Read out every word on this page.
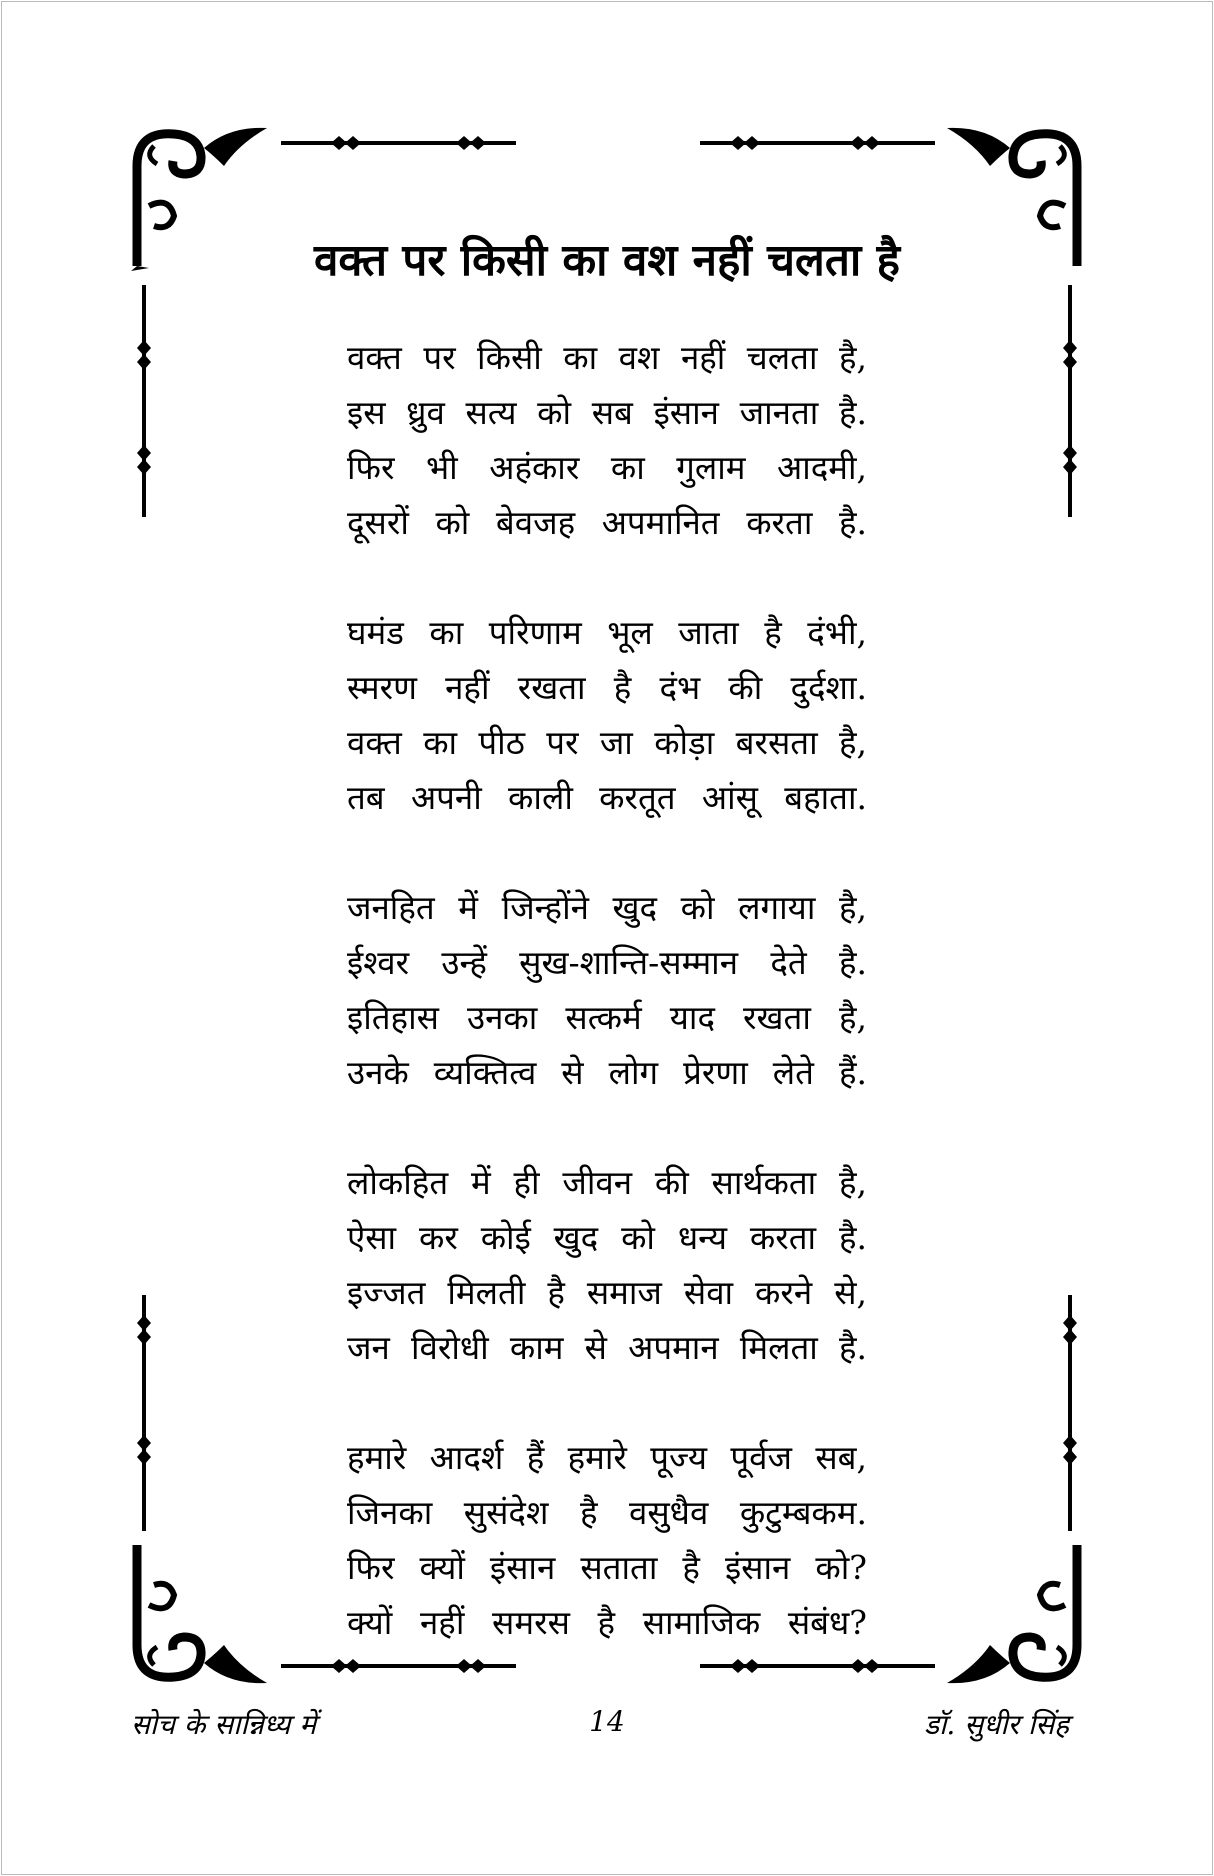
वक्त पर किसी का वश नहीं चलता है
वक्त पर किसी का वश नहीं चलता है,
इस ध्रुव सत्य को सब इंसान जानता है.
फिर भी अहंकार का गुलाम आदमी,
दूसरों को बेवजह अपमानित करता है.
घमंड का परिणाम भूल जाता है दंभी,
स्मरण नहीं रखता है दंभ की दुर्दशा.
वक्त का पीठ पर जा कोड़ा बरसता है,
तब अपनी काली करतूत आंसू बहाता.
जनहित में जिन्होंने खुद को लगाया है,
ईश्वर उन्हें सुख-शान्ति-सम्मान देते है.
इतिहास उनका सत्कर्म याद रखता है,
उनके व्यक्तित्व से लोग प्रेरणा लेते हैं.
लोकहित में ही जीवन की सार्थकता है,
ऐसा कर कोई खुद को धन्य करता है.
इज्जत मिलती है समाज सेवा करने से,
जन विरोधी काम से अपमान मिलता है.
हमारे आदर्श हैं हमारे पूज्य पूर्वज सब,
जिनका सुसंदेश है वसुधैव कुटुम्बकम.
फिर क्यों इंसान सताता है इंसान को?
क्यों नहीं समरस है सामाजिक संबंध?
14
सोच के सान्निध्य में	डॉ. सुधीर सिंह
